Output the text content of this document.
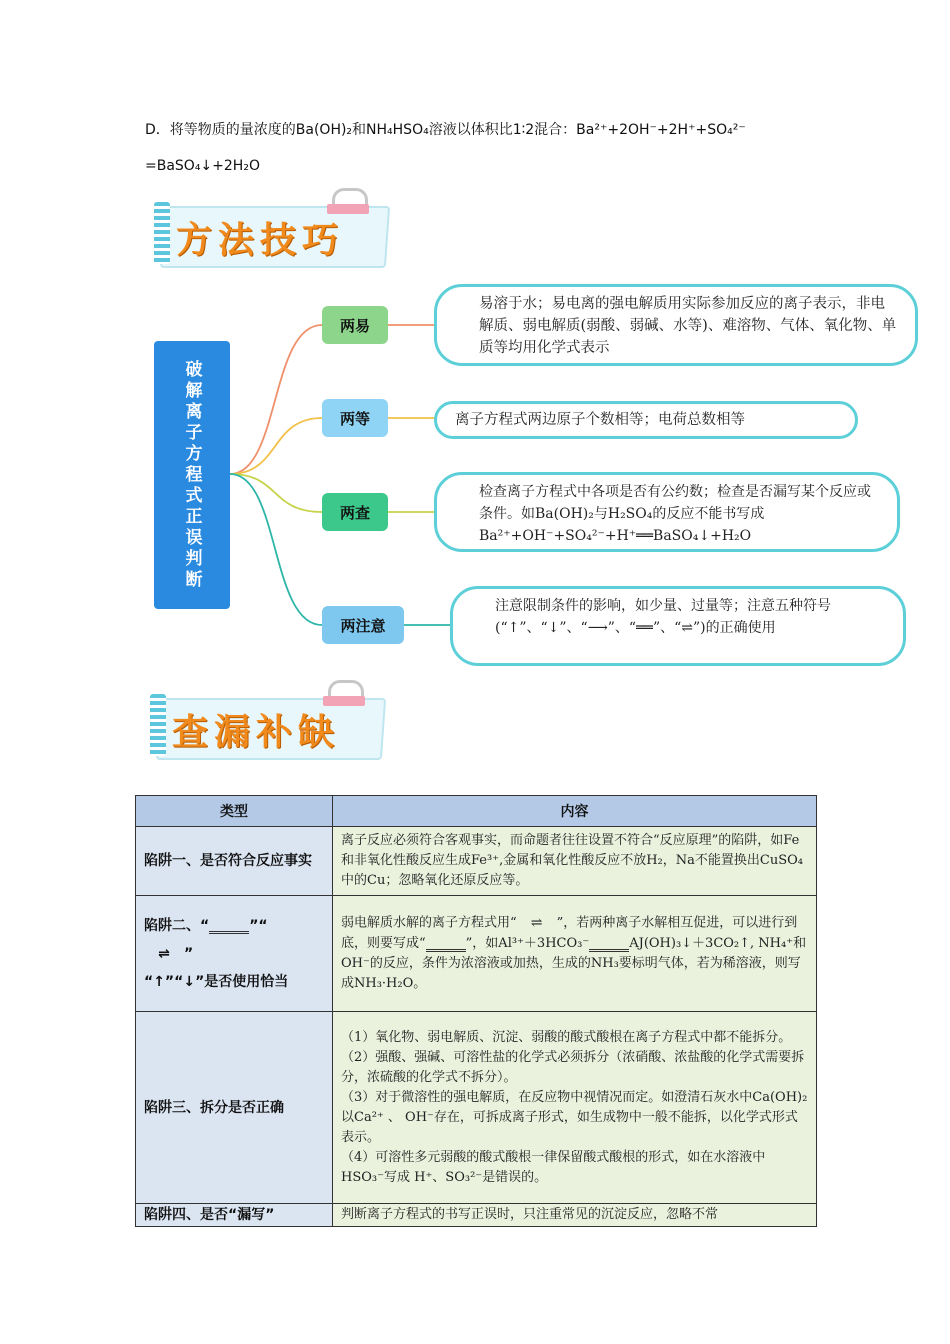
D．将等物质的量浓度的Ba(OH)₂和NH₄HSO₄溶液以体积比1∶2混合：Ba²⁺+2OH⁻+2H⁺+SO₄²⁻
=BaSO₄↓+2H₂O
方法技巧
破解离子方程式正误判断
两易
两等
两查
两注意
易溶于水；易电离的强电解质用实际参加反应的离子表示，非电解质、弱电解质(弱酸、弱碱、水等)、难溶物、气体、氧化物、单质等均用化学式表示
离子方程式两边原子个数相等；电荷总数相等
检查离子方程式中各项是否有公约数；检查是否漏写某个反应或条件。如Ba(OH)₂与H₂SO₄的反应不能书写成Ba²⁺+OH⁻+SO₄²⁻+H⁺══BaSO₄↓+H₂O
注意限制条件的影响，如少量、过量等；注意五种符号(“↑”、“↓”、“⟶”、“══”、“⇌”)的正确使用
查漏补缺
类型	内容
陷阱一、是否符合反应事实	离子反应必须符合客观事实，而命题者往往设置不符合“反应原理”的陷阱，如Fe和非氧化性酸反应生成Fe³⁺,金属和氧化性酸反应不放H₂，Na不能置换出CuSO₄中的Cu；忽略氧化还原反应等。
陷阱二、“ ”“
⇌ ”
“↑”“↓”是否使用恰当	弱电解质水解的离子方程式用“ ⇌ ”，若两种离子水解相互促进，可以进行到底，则要写成“ ”，如Al³⁺＋3HCO₃⁻ AJ(OH)₃↓＋3CO₂↑, NH₄⁺和OH⁻的反应，条件为浓溶液或加热，生成的NH₃要标明气体，若为稀溶液，则写成NH₃·H₂O。
陷阱三、拆分是否正确	（1）氧化物、弱电解质、沉淀、弱酸的酸式酸根在离子方程式中都不能拆分。

（2）强酸、强碱、可溶性盐的化学式必须拆分（浓硝酸、浓盐酸的化学式需要拆分，浓硫酸的化学式不拆分）。

（3）对于微溶性的强电解质，在反应物中视情况而定。如澄清石灰水中Ca(OH)₂以Ca²⁺ 、 OH⁻存在，可拆成离子形式，如生成物中一般不能拆，以化学式形式表示。

（4）可溶性多元弱酸的酸式酸根一律保留酸式酸根的形式，如在水溶液中HSO₃⁻写成 H⁺、SO₃²⁻是错误的。

陷阱四、是否“漏写”	判断离子方程式的书写正误时，只注重常见的沉淀反应，忽略不常
